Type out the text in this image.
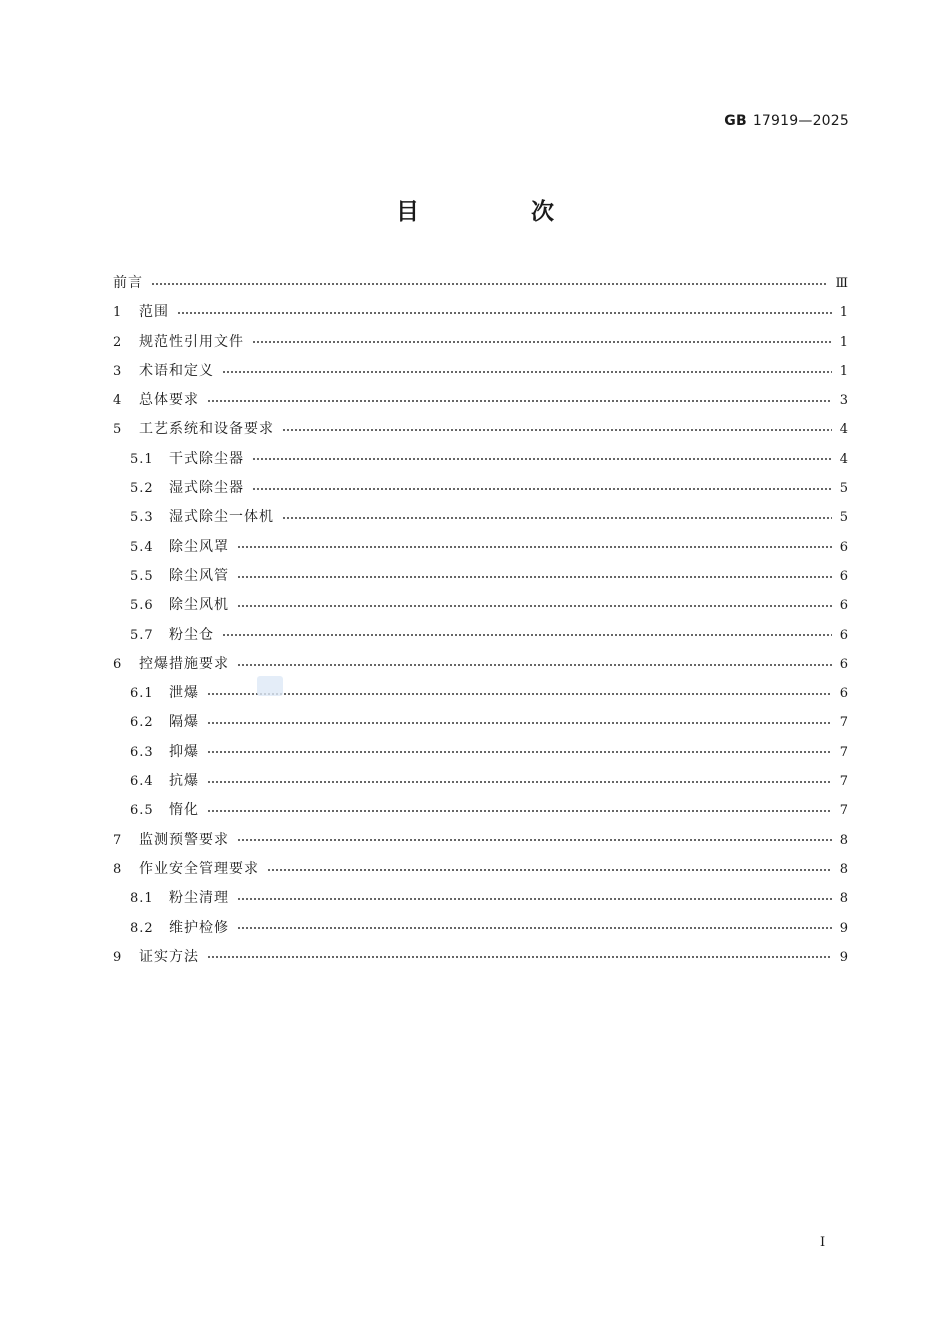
GB 17919—2025
目 次
前言	Ⅲ
1	范围	1
2	规范性引用文件	1
3	术语和定义	1
4	总体要求	3
5	工艺系统和设备要求	4
5.1	干式除尘器	4
5.2	湿式除尘器	5
5.3	湿式除尘一体机	5
5.4	除尘风罩	6
5.5	除尘风管	6
5.6	除尘风机	6
5.7	粉尘仓	6
6	控爆措施要求	6
6.1	泄爆	6
6.2	隔爆	7
6.3	抑爆	7
6.4	抗爆	7
6.5	惰化	7
7	监测预警要求	8
8	作业安全管理要求	8
8.1	粉尘清理	8
8.2	维护检修	9
9	证实方法	9
I
